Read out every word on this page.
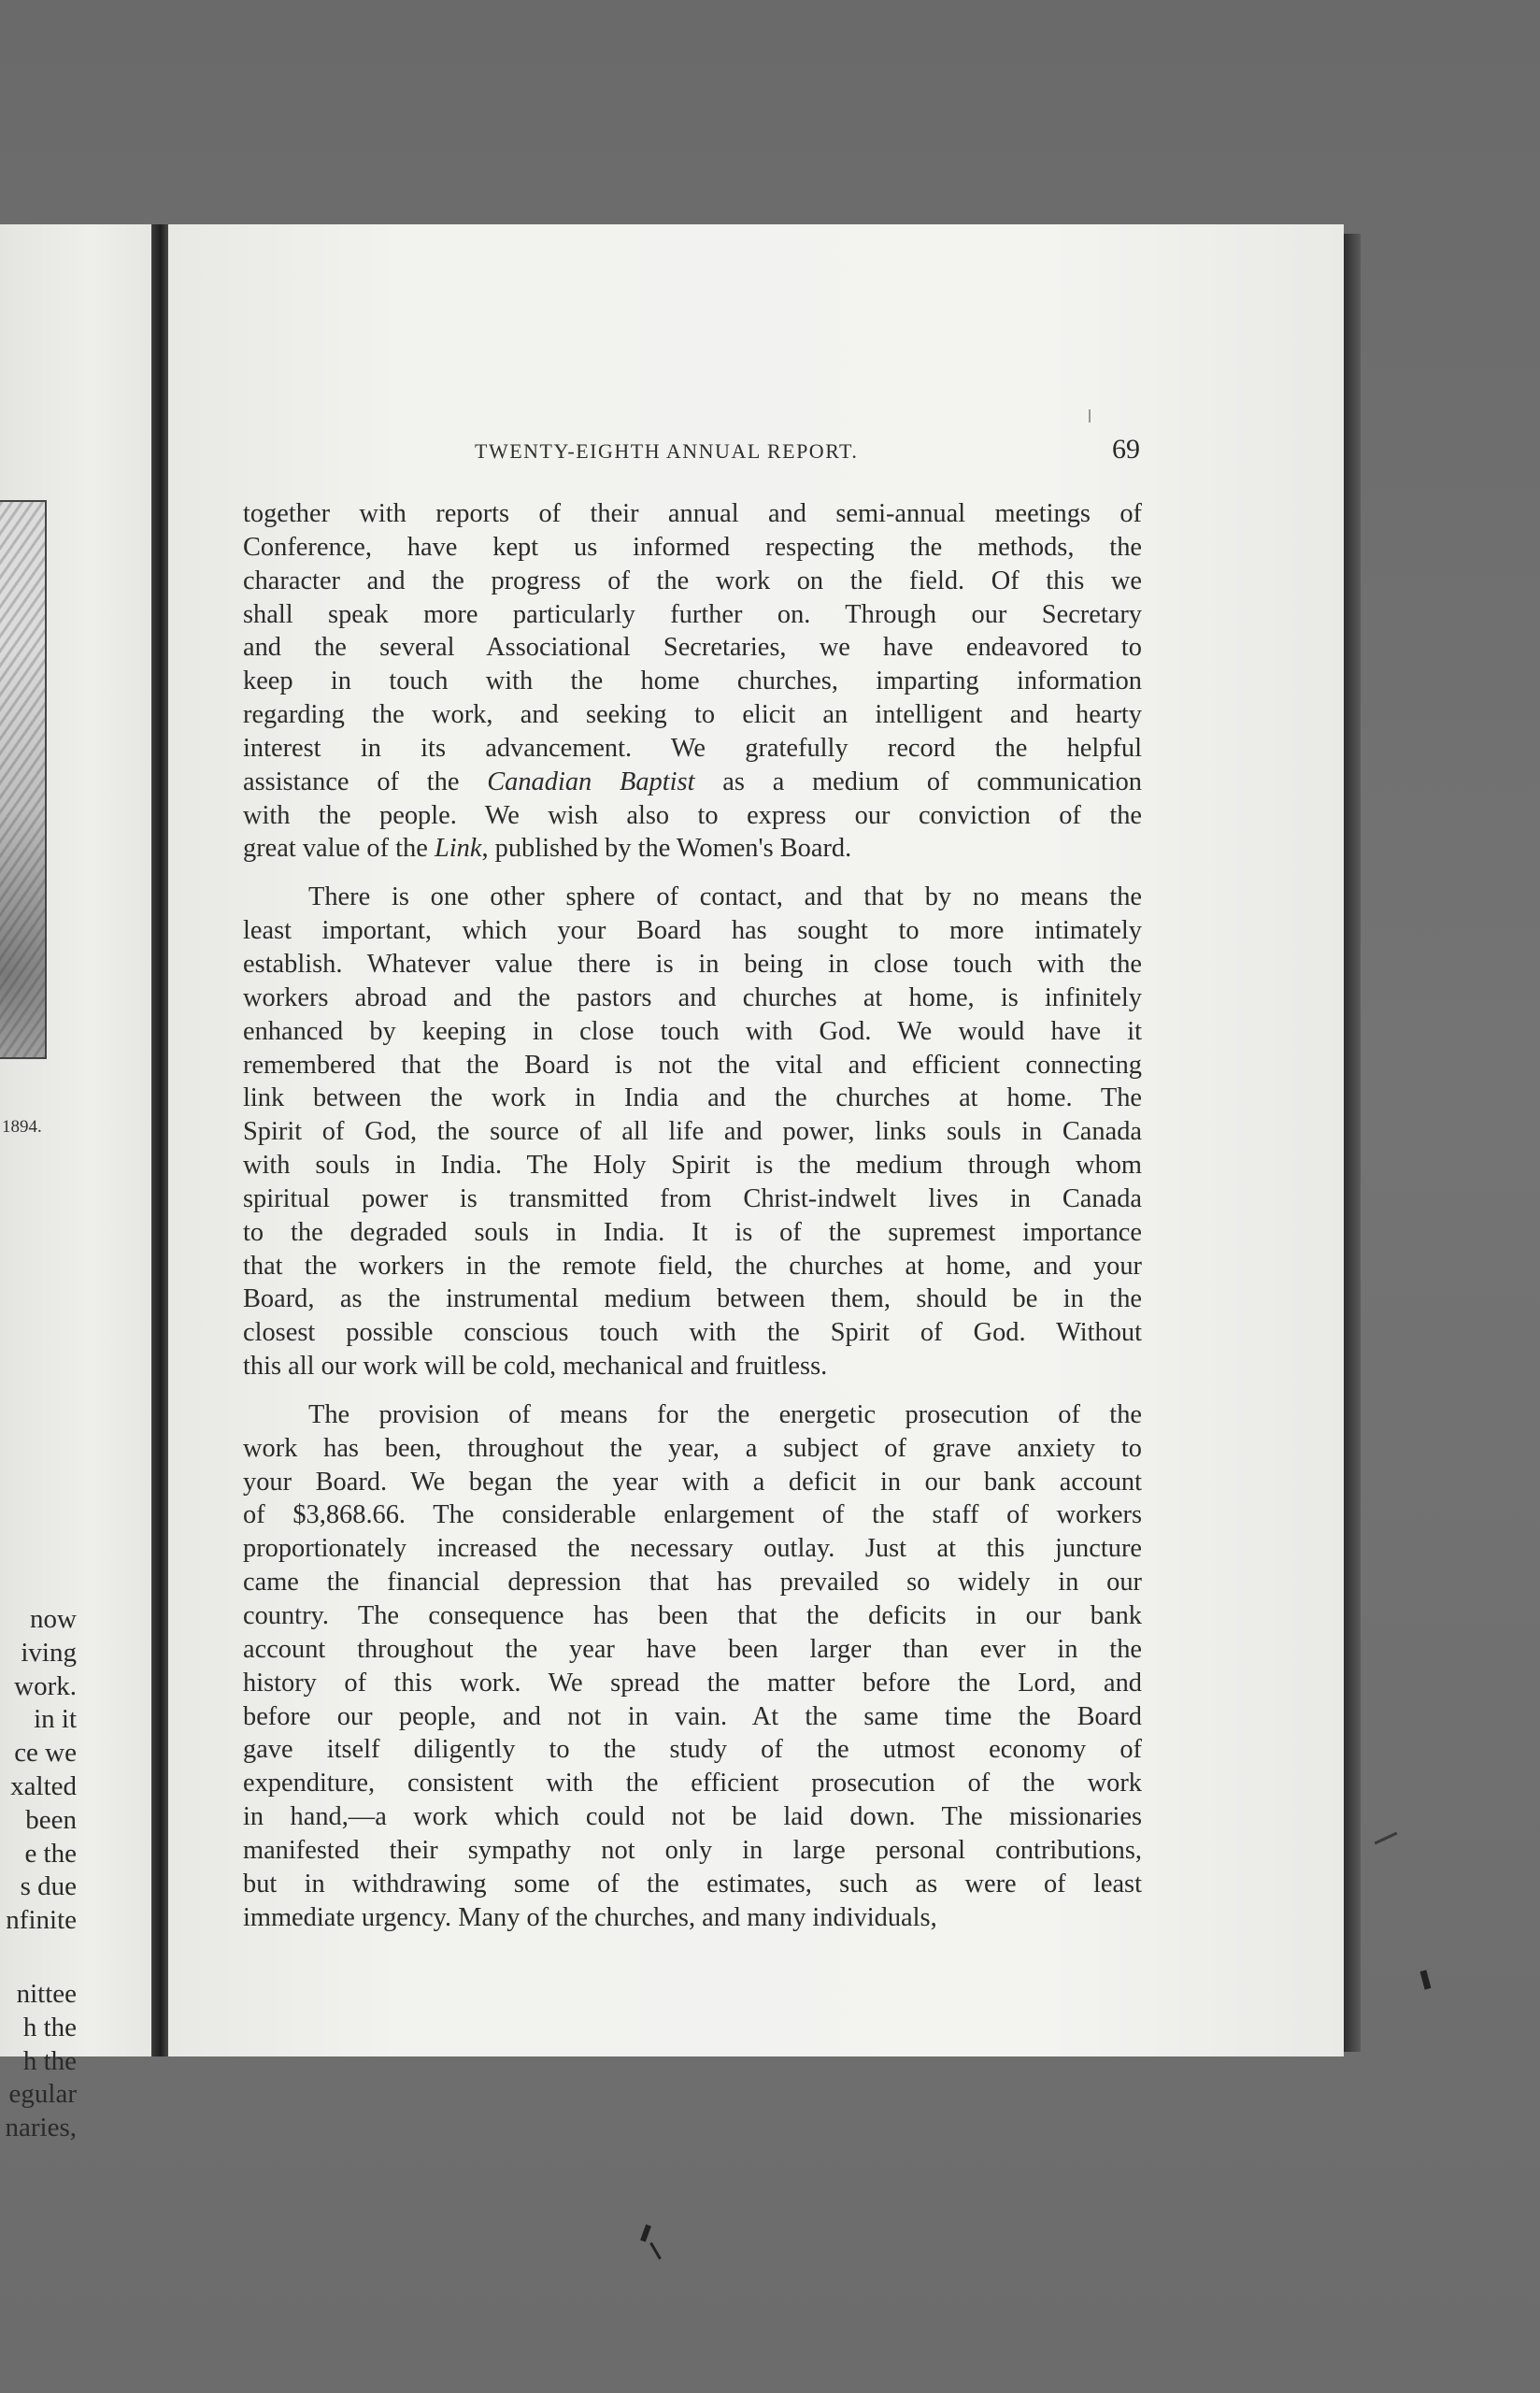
1894.
now
iving
work.
in it
ce we
xalted
been
e the
s due
nfinite
nittee
h the
h the
egular
naries,
TWENTY-EIGHTH ANNUAL REPORT.	69
together with reports of their annual and semi-annual meetings of
Conference, have kept us informed respecting the methods, the
character and the progress of the work on the field. Of this we
shall speak more particularly further on. Through our Secretary
and the several Associational Secretaries, we have endeavored to
keep in touch with the home churches, imparting information
regarding the work, and seeking to elicit an intelligent and hearty
interest in its advancement. We gratefully record the helpful
assistance of the Canadian Baptist as a medium of communication
with the people. We wish also to express our conviction of the
great value of the Link, published by the Women's Board.
There is one other sphere of contact, and that by no means the
least important, which your Board has sought to more intimately
establish. Whatever value there is in being in close touch with the
workers abroad and the pastors and churches at home, is infinitely
enhanced by keeping in close touch with God. We would have it
remembered that the Board is not the vital and efficient connecting
link between the work in India and the churches at home. The
Spirit of God, the source of all life and power, links souls in Canada
with souls in India. The Holy Spirit is the medium through whom
spiritual power is transmitted from Christ-indwelt lives in Canada
to the degraded souls in India. It is of the supremest importance
that the workers in the remote field, the churches at home, and your
Board, as the instrumental medium between them, should be in the
closest possible conscious touch with the Spirit of God. Without
this all our work will be cold, mechanical and fruitless.
The provision of means for the energetic prosecution of the
work has been, throughout the year, a subject of grave anxiety to
your Board. We began the year with a deficit in our bank account
of $3,868.66. The considerable enlargement of the staff of workers
proportionately increased the necessary outlay. Just at this juncture
came the financial depression that has prevailed so widely in our
country. The consequence has been that the deficits in our bank
account throughout the year have been larger than ever in the
history of this work. We spread the matter before the Lord, and
before our people, and not in vain. At the same time the Board
gave itself diligently to the study of the utmost economy of
expenditure, consistent with the efficient prosecution of the work
in hand,—a work which could not be laid down. The missionaries
manifested their sympathy not only in large personal contributions,
but in withdrawing some of the estimates, such as were of least
immediate urgency. Many of the churches, and many individuals,
